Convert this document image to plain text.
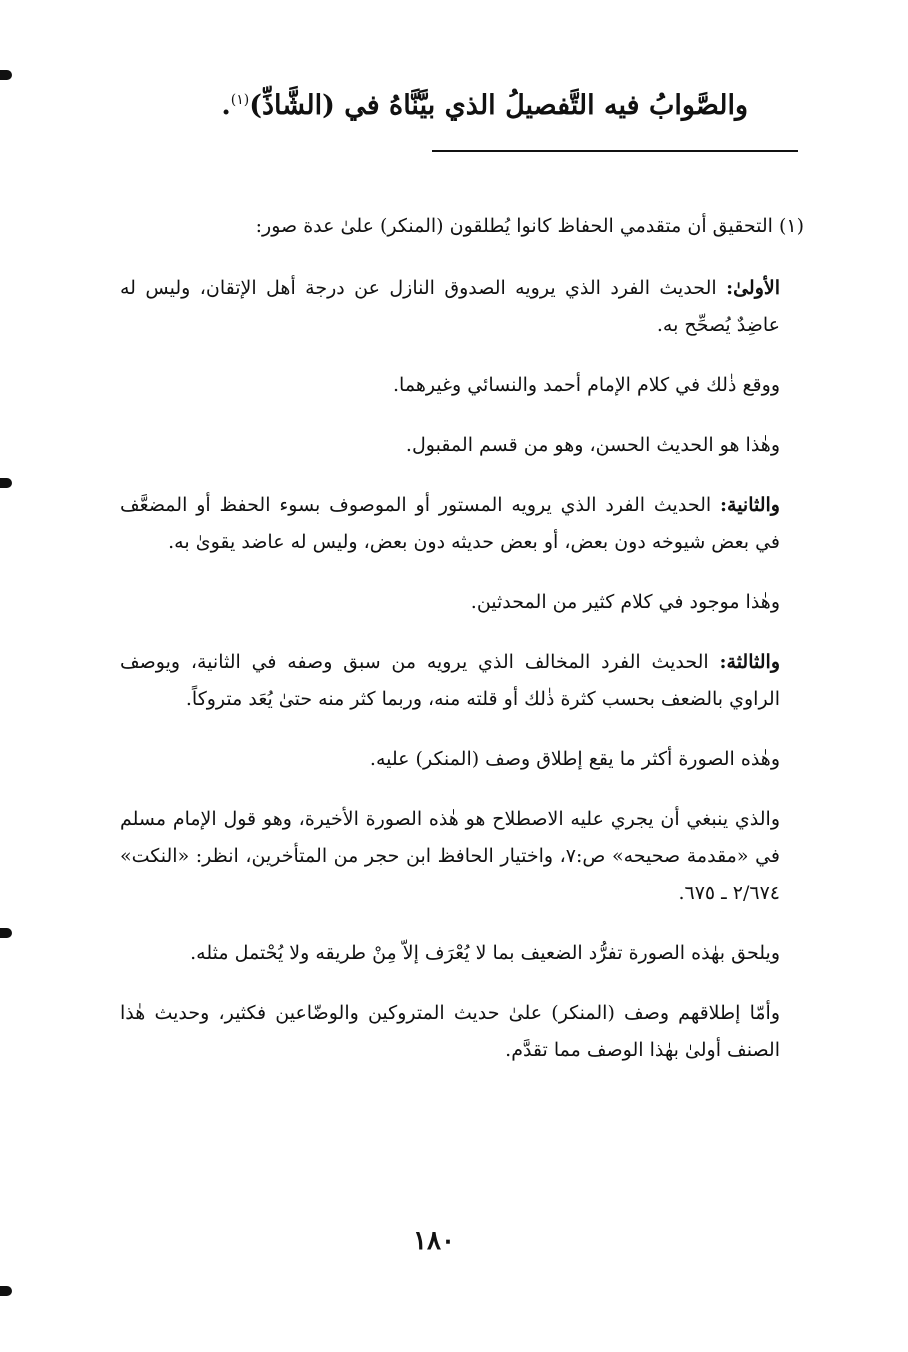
والصَّوابُ فيه التَّفصيلُ الذي بيَّنَّاهُ في (الشَّاذِّ)$^{(١)}$.

(١) التحقيق أن متقدمي الحفاظ كانوا يُطلقون (المنكر) علىٰ عدة صور:

الأولىٰ: الحديث الفرد الذي يرويه الصدوق النازل عن درجة أهل الإتقان، وليس له عاضِدٌ يُصحِّح به.

ووقع ذٰلك في كلام الإمام أحمد والنسائي وغيرهما.

وهٰذا هو الحديث الحسن، وهو من قسم المقبول.

والثانية: الحديث الفرد الذي يرويه المستور أو الموصوف بسوء الحفظ أو المضعَّف في بعض شيوخه دون بعض، أو بعض حديثه دون بعض، وليس له عاضد يقوىٰ به.

وهٰذا موجود في كلام كثير من المحدثين.

والثالثة: الحديث الفرد المخالف الذي يرويه من سبق وصفه في الثانية، ويوصف الراوي بالضعف بحسب كثرة ذٰلك أو قلته منه، وربما كثر منه حتىٰ يُعَد متروكاً.

وهٰذه الصورة أكثر ما يقع إطلاق وصف (المنكر) عليه.

والذي ينبغي أن يجري عليه الاصطلاح هو هٰذه الصورة الأخيرة، وهو قول الإمام مسلم في «مقدمة صحيحه» ص:٧، واختيار الحافظ ابن حجر من المتأخرين، انظر: «النكت» ٢/٦٧٤ ـ ٦٧٥.

ويلحق بهٰذه الصورة تفرُّد الضعيف بما لا يُعْرَف إلاّ مِنْ طريقه ولا يُحْتمل مثله.

وأمّا إطلاقهم وصف (المنكر) علىٰ حديث المتروكين والوضّاعين فكثير، وحديث هٰذا الصنف أولىٰ بهٰذا الوصف مما تقدَّم.

١٨٠
